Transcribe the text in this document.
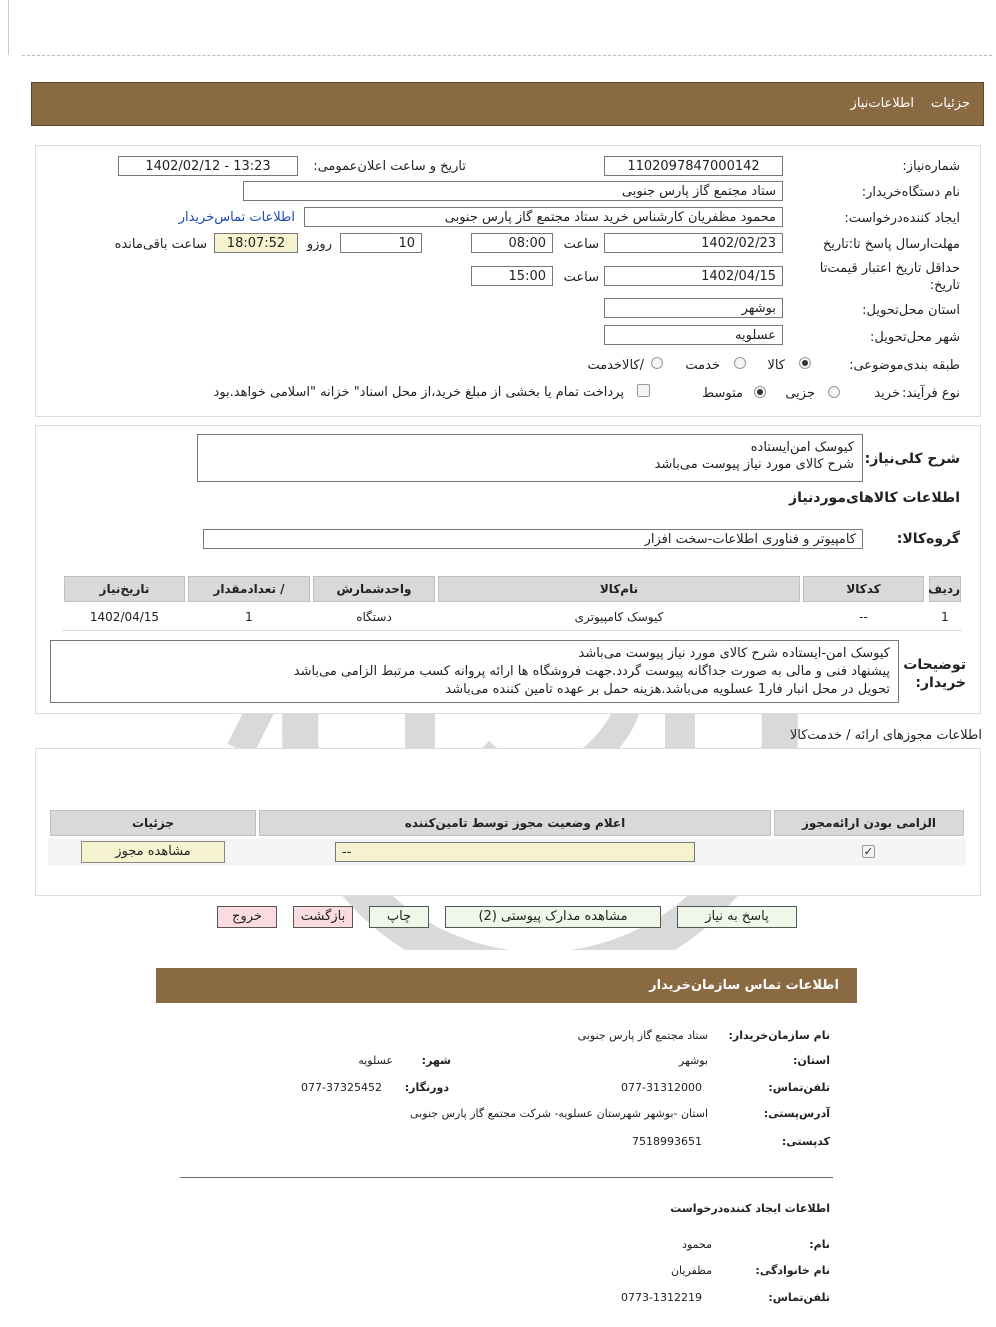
جزئیات
اطلاعات‌نیاز
شماره‌نیاز:
1102097847000142
تاریخ و ساعت اعلان‌عمومی:
1402/02/12 - 13:23
نام دستگاه‌خریدار:
ستاد مجتمع گاز پارس جنوبی
ایجاد کننده‌درخواست:
محمود مظفریان کارشناس خرید ستاد مجتمع گاز پارس جنوبی
اطلاعات تماس‌خریدار
مهلت‌ارسال پاسخ تا:تاریخ
1402/02/23
ساعت
08:00
10
روزو
18:07:52
ساعت باقی‌مانده
حداقل تاریخ اعتبار قیمت‌تا
تاریخ:
1402/04/15
ساعت
15:00
استان محل‌تحویل:
بوشهر
شهر محل‌تحویل:
عسلویه
طبقه بندی‌موضوعی:
کالا
خدمت
/کالاخدمت
نوع فرآیند:
خرید
جزیی
متوسط
پرداخت تمام یا بخشی از مبلغ خرید،از محل اسناد" خزانه "اسلامی خواهد.بود
شرح کلی‌نیاز:
کیوسک امن‌ایستاده
شرح کالای مورد نیاز پیوست می‌باشد
اطلاعات کالاهای‌موردنیاز
گروه‌کالا:
کامپیوتر و فناوری اطلاعات-سخت افزار
ردیف
کدکالا
نام‌کالا
واحدشمارش
/ تعدادمقدار
تاریخ‌نیاز
1
--
کیوسک کامپیوتری
دستگاه
1
1402/04/15
توضیحات
خریدار:
کیوسک امن-ایستاده شرح کالای مورد نیاز پیوست می‌باشد
پیشنهاد فنی و مالی به صورت جداگانه پیوست گردد.جهت فروشگاه ها ارائه پروانه کسب مرتبط الزامی می‌باشد
تحویل در محل انبار فار1 عسلویه می‌باشد.هزینه حمل بر عهده تامین کننده می‌باشد
اطلاعات مجوزهای ارائه / خدمت‌کالا
الزامی بودن ارائه‌مجوز
اعلام وضعیت مجوز توسط تامین‌کننده
جزئیات
✓
--
مشاهده مجوز
پاسخ به نیاز
مشاهده مدارک پیوستی (2)
چاپ
بازگشت
خروج
اطلاعات تماس سازمان‌خریدار
نام سازمان‌خریدار:
ستاد مجتمع گاز پارس جنوبی
استان:
بوشهر
شهر:
عسلویه
تلفن‌تماس:
077-31312000
دورنگار:
077-37325452
آدرس‌پستی:
استان -بوشهر شهرستان عسلویه- شرکت مجتمع گاز پارس جنوبی
کدپستی:
7518993651
اطلاعات ایجاد کننده‌درخواست
نام:
محمود
نام خانوادگی:
مظفریان
تلفن‌تماس:
0773-1312219
